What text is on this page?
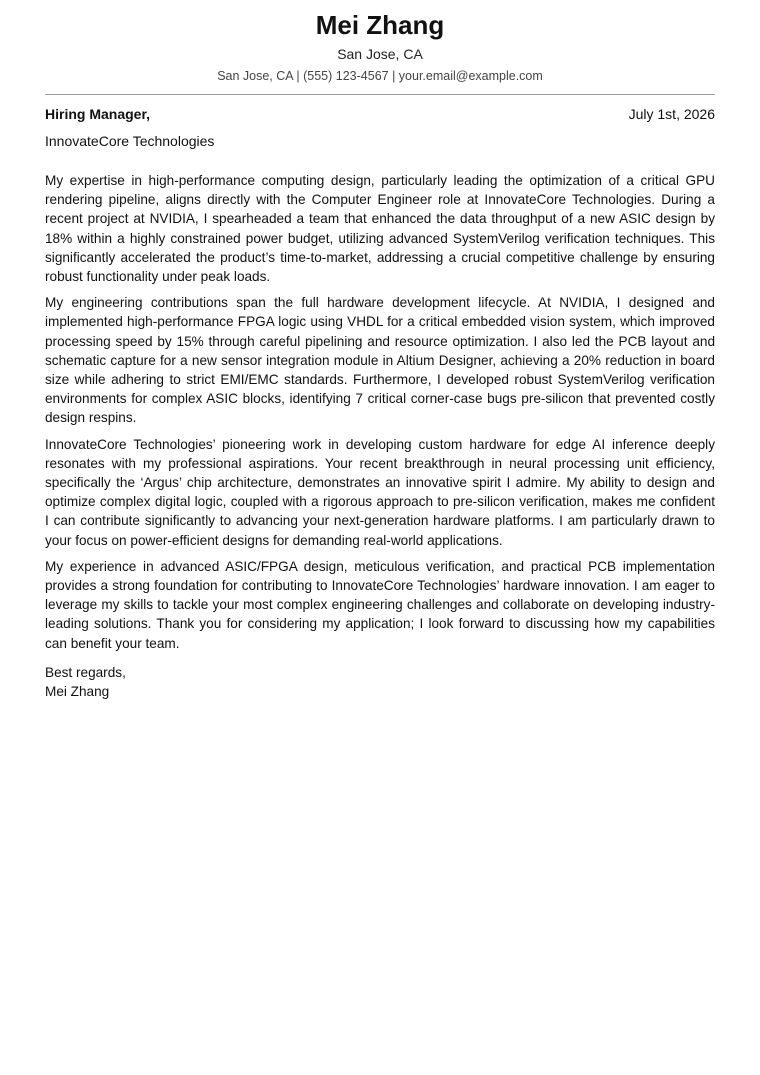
Mei Zhang
San Jose, CA
San Jose, CA | (555) 123-4567 | your.email@example.com
Hiring Manager,	July 1st, 2026
InnovateCore Technologies

My expertise in high-performance computing design, particularly leading the optimization of a critical GPU rendering pipeline, aligns directly with the Computer Engineer role at InnovateCore Technologies. During a recent project at NVIDIA, I spearheaded a team that enhanced the data throughput of a new ASIC design by 18% within a highly constrained power budget, utilizing advanced SystemVerilog verification techniques. This significantly accelerated the product’s time-to-market, addressing a crucial competitive challenge by ensuring robust functionality under peak loads.

My engineering contributions span the full hardware development lifecycle. At NVIDIA, I designed and implemented high-performance FPGA logic using VHDL for a critical embedded vision system, which improved processing speed by 15% through careful pipelining and resource optimization. I also led the PCB layout and schematic capture for a new sensor integration module in Altium Designer, achieving a 20% reduction in board size while adhering to strict EMI/EMC standards. Furthermore, I developed robust SystemVerilog verification environments for complex ASIC blocks, identifying 7 critical corner-case bugs pre-silicon that prevented costly design respins.

InnovateCore Technologies’ pioneering work in developing custom hardware for edge AI inference deeply resonates with my professional aspirations. Your recent breakthrough in neural processing unit efficiency, specifically the ‘Argus’ chip architecture, demonstrates an innovative spirit I admire. My ability to design and optimize complex digital logic, coupled with a rigorous approach to pre-silicon verification, makes me confident I can contribute significantly to advancing your next-generation hardware platforms. I am particularly drawn to your focus on power-efficient designs for demanding real-world applications.

My experience in advanced ASIC/FPGA design, meticulous verification, and practical PCB implementation provides a strong foundation for contributing to InnovateCore Technologies’ hardware innovation. I am eager to leverage my skills to tackle your most complex engineering challenges and collaborate on developing industry-leading solutions. Thank you for considering my application; I look forward to discussing how my capabilities can benefit your team.

Best regards,
Mei Zhang
